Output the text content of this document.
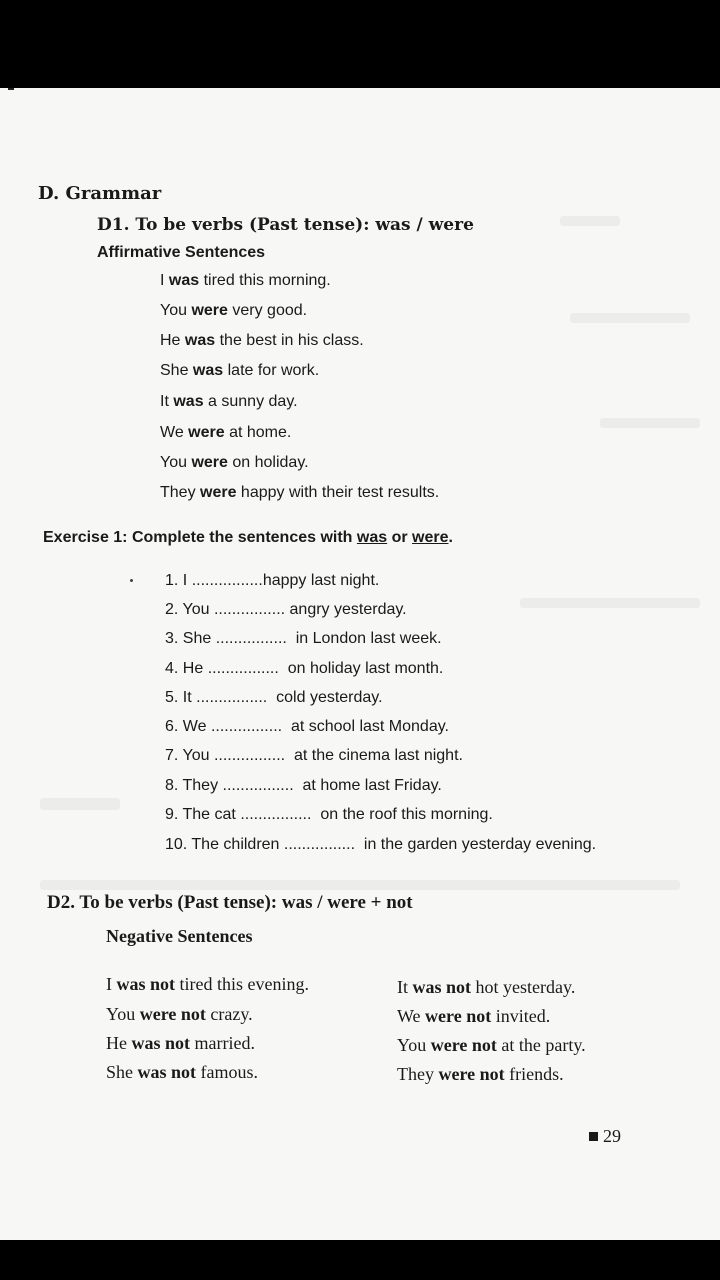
D. Grammar
D1. To be verbs (Past tense): was / were
Affirmative Sentences
I was tired this morning.
You were very good.
He was the best in his class.
She was late for work.
It was a sunny day.
We were at home.
You were on holiday.
They were happy with their test results.
Exercise 1: Complete the sentences with was or were.
1. I ................happy last night.
2. You ................ angry yesterday.
3. She ................  in London last week.
4. He ................  on holiday last month.
5. It ................  cold yesterday.
6. We ................  at school last Monday.
7. You ................  at the cinema last night.
8. They ................  at home last Friday.
9. The cat ................  on the roof this morning.
10. The children ................  in the garden yesterday evening.
D2. To be verbs (Past tense): was / were + not
Negative Sentences
I was not tired this evening.
You were not crazy.
He was not married.
She was not famous.
It was not hot yesterday.
We were not invited.
You were not at the party.
They were not friends.
29
